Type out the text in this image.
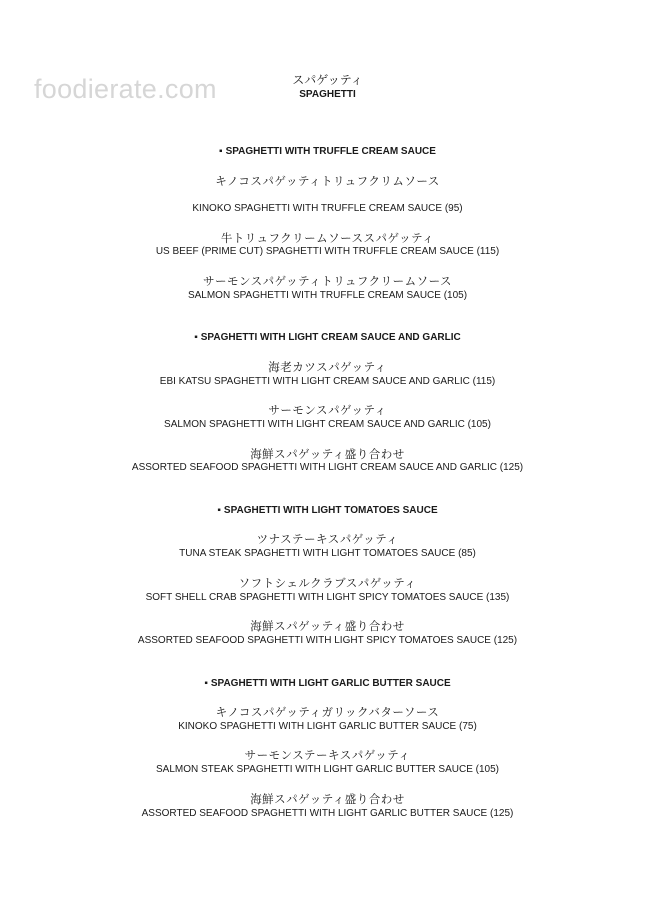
foodierate.com	スパゲッティ
SPAGHETTI
▪ SPAGHETTI WITH TRUFFLE CREAM SAUCE
キノコスパゲッティトリュフクリムソース
KINOKO SPAGHETTI WITH TRUFFLE CREAM SAUCE (95)
牛トリュフクリームソーススパゲッティ
US BEEF (PRIME CUT) SPAGHETTI WITH TRUFFLE CREAM SAUCE (115)
サーモンスパゲッティトリュフクリームソース
SALMON SPAGHETTI WITH TRUFFLE CREAM SAUCE (105)
▪ SPAGHETTI WITH LIGHT CREAM SAUCE AND GARLIC
海老カツスパゲッティ
EBI KATSU SPAGHETTI WITH LIGHT CREAM SAUCE AND GARLIC (115)
サーモンスパゲッティ
SALMON SPAGHETTI WITH LIGHT CREAM SAUCE AND GARLIC (105)
海鮮スパゲッティ盛り合わせ
ASSORTED SEAFOOD SPAGHETTI WITH LIGHT CREAM SAUCE AND GARLIC (125)
▪ SPAGHETTI WITH LIGHT TOMATOES SAUCE
ツナステーキスパゲッティ
TUNA STEAK SPAGHETTI WITH LIGHT TOMATOES SAUCE (85)
ソフトシェルクラブスパゲッティ
SOFT SHELL CRAB SPAGHETTI WITH LIGHT SPICY TOMATOES SAUCE (135)
海鮮スパゲッティ盛り合わせ
ASSORTED SEAFOOD SPAGHETTI WITH LIGHT SPICY TOMATOES SAUCE (125)
▪ SPAGHETTI WITH LIGHT GARLIC BUTTER SAUCE
キノコスパゲッティガリックバターソース
KINOKO SPAGHETTI WITH LIGHT GARLIC BUTTER SAUCE (75)
サーモンステーキスパゲッティ
SALMON STEAK SPAGHETTI WITH LIGHT GARLIC BUTTER SAUCE (105)
海鮮スパゲッティ盛り合わせ
ASSORTED SEAFOOD SPAGHETTI WITH LIGHT GARLIC BUTTER SAUCE (125)
